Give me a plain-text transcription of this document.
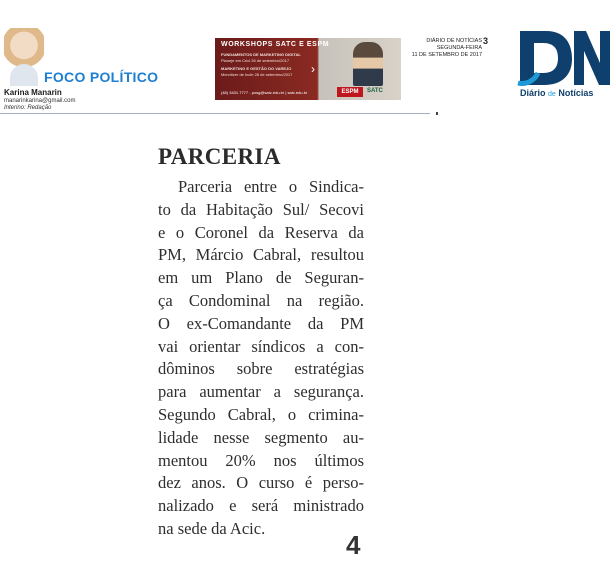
FOCO POLÍTICO
Karina Manarin
manarinkarina@gmail.com
Interino: Redação
WORKSHOPS SATC E ESPM
FUNDAMENTOS DE MARKETING DIGITAL
Planeje em Cricl 26 de setembro/2017
MARKETING E GESTÃO DO VAREJO
Mercitizer de Incib 28 de setembro/2017
(48) 3431.7777 - posg@satc.edu.br | satc.edu.br
›
ESPM	SATC
DIÁRIO DE NOTÍCIAS
SEGUNDA-FEIRA
11 DE SETEMBRO DE 2017
3
Diário de Notícias
PARCERIA
Parceria entre o Sindica-
to da Habitação Sul/ Secovi
e o Coronel da Reserva da
PM, Márcio Cabral, resultou
em um Plano de Seguran-
ça Condominal na região.
O ex-Comandante da PM
vai orientar síndicos a con-
dôminos sobre estratégias
para aumentar a segurança.
Segundo Cabral, o crimina-
lidade nesse segmento au-
mentou 20% nos últimos
dez anos. O curso é perso-
nalizado e será ministrado
na sede da Acic.
4
